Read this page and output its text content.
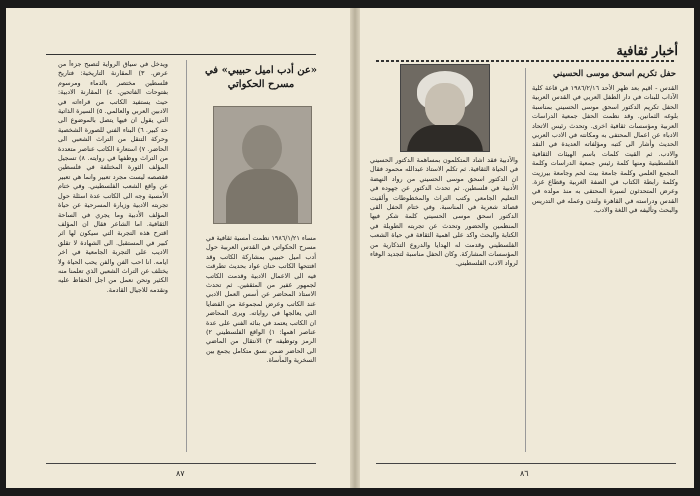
ويدخل في سياق الرواية لتصبح جزءاً من عرض. ٣) المقارنة التاريخية: فتاريخ فلسطين مختصر بالدماء ومرسوم بفتوحات الفاتحين. ٤) المقارنة الادبية: حيث يستفيد الكاتب من قراءاته في الادبين العربي والعالمي. ٥) السيرة الذاتية التي يقول ان فيها يتصل بالموضوع الى حد كبير. ٦) البناء الفني للصورة الشخصية وحركة التنقل من التراث الشعبي الى الحاضر. ٧) استعارة الكاتب عناصر متعددة من التراث ووظفها في روايته. ٨) تسجيل المؤلف الثورة المختلفة في فلسطين فقصصه ليست مجرد تعبير وانما هي تعبير عن واقع الشعب الفلسطيني. وفي ختام الأمسية وجه الى الكاتب عدة اسئلة حول تجربته الادبية وزيارة المسرحية عن حياة المؤلف الأدبية وما يجري في الساحة الثقافية. اما الشاعر فقال ان المؤلف اقترح هذه التجربة التي سيكون لها اثر كبير في المستقبل. الى الشهادة لا تقلق الاديب على التجربة الجامعية في اخر ايامه. انا احب الفن والفن يحب الحياة ولا يختلف عن التراث الشعبي الذي تعلمنا منه الكثير ونحن نعمل من اجل الحفاظ عليه ونقدمه للاجيال القادمة.

«عن أدب اميل حبيبي» في مسرح الحكواتي

مساء ١٩٨٦/١/٢١ نظمت أمسية ثقافية في مسرح الحكواتي في القدس العربية حول أدب اميل حبيبي بمشاركة الكاتب وقد افتتحها الكاتب حنان عواد بحديث تطرقت فيه الى الاعمال الادبية وقدمت الكاتب لجمهور غفير من المثقفين. ثم تحدث الاستاذ المحاضر عن أسس العمل الادبي عند الكاتب وعرض لمجموعة من القضايا التي يعالجها في رواياته. ويرى المحاضر ان الكاتب يعتمد في بنائه الفني على عدة عناصر اهمها: ١) الواقع الفلسطيني ٢) الرمز وتوظيفه ٣) الانتقال من الماضي الى الحاضر ضمن نسق متكامل يجمع بين السخرية والمأساة.

٨٧
أخبار ثقافية
حفل تكريم اسحق موسى الحسيني

القدس - اقيم بعد ظهر الأحد ١٩٨٦/٢/١٦ في قاعة كلية الآداب للبنات في دار الطفل العربي في القدس العربية الحفل تكريم الدكتور اسحق موسى الحسيني بمناسبة بلوغه الثمانين. وقد نظمت الحفل جمعية الدراسات العربية ومؤسسات ثقافية اخرى. وتحدث رئيس الاتحاد الادباء عن اعمال المحتفى به ومكانته في الادب العربي الحديث وأشار الى كتبه ومؤلفاته العديدة في النقد والادب. ثم القيت كلمات باسم الهيئات الثقافية الفلسطينية ومنها كلمة رئيس جمعية الدراسات وكلمة المجمع العلمي وكلمة جامعة بيت لحم وجامعة بيرزيت وكلمة رابطة الكتاب في الضفة الغربية وقطاع غزة. وعرض المتحدثون لسيرة المحتفى به منذ مولده في القدس ودراسته في القاهرة ولندن وعمله في التدريس والبحث وتأليفه في اللغة والادب.

والأدبية فقد اشاد المتكلمون بمساهمة الدكتور الحسيني في الحياة الثقافية. ثم تكلم الاستاذ عبدالله محمود فقال ان الدكتور اسحق موسى الحسيني من رواد النهضة الأدبية في فلسطين. ثم تحدث الدكتور عن جهوده في التعليم الجامعي وكتب التراث والمخطوطات وألقيت قصائد شعرية في المناسبة. وفي ختام الحفل القى الدكتور اسحق موسى الحسيني كلمة شكر فيها المنظمين والحضور وتحدث عن تجربته الطويلة في الكتابة والبحث واكد على اهمية الثقافة في حياة الشعب الفلسطيني وقدمت له الهدايا والدروع التذكارية من المؤسسات المشاركة. وكان الحفل مناسبة لتجديد الوفاء لرواد الادب الفلسطيني.

٨٦
